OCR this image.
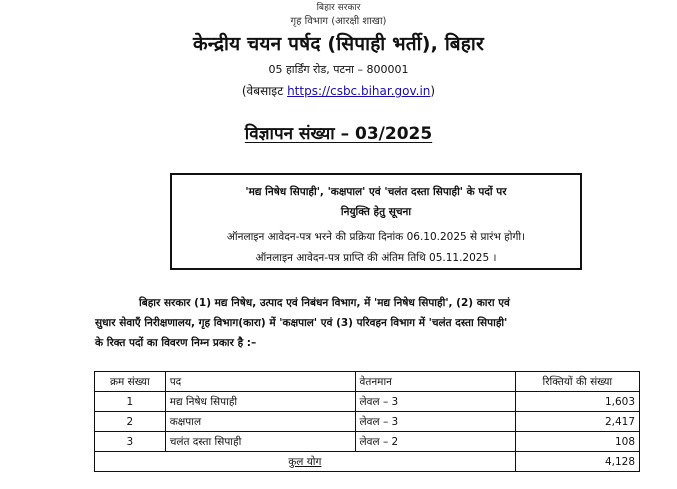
बिहार सरकार
गृह विभाग (आरक्षी शाखा)
केन्द्रीय चयन पर्षद (सिपाही भर्ती), बिहार
05 हार्डिंग रोड, पटना – 800001
(वेबसाइट https://csbc.bihar.gov.in)
विज्ञापन संख्या – 03/2025
'मद्य निषेध सिपाही', 'कक्षपाल' एवं 'चलंत दस्ता सिपाही' के पदों पर
नियुक्ति हेतु सूचना
ऑनलाइन आवेदन-पत्र भरने की प्रक्रिया दिनांक 06.10.2025 से प्रारंभ होगी।
ऑनलाइन आवेदन-पत्र प्राप्ति की अंतिम तिथि 05.11.2025 ।
बिहार सरकार (1) मद्य निषेध, उत्पाद एवं निबंधन विभाग, में 'मद्य निषेध सिपाही', (2) कारा एवं
सुधार सेवाएँ निरीक्षणालय, गृह विभाग(कारा) में 'कक्षपाल' एवं (3) परिवहन विभाग में 'चलंत दस्ता सिपाही'
के रिक्त पदों का विवरण निम्न प्रकार है :–
क्रम संख्या	पद	वेतनमान	रिक्तियों की संख्या
1	मद्य निषेध सिपाही	लेवल – 3	1,603
2	कक्षपाल	लेवल – 3	2,417
3	चलंत दस्ता सिपाही	लेवल – 2	108
कुल योग			4,128
